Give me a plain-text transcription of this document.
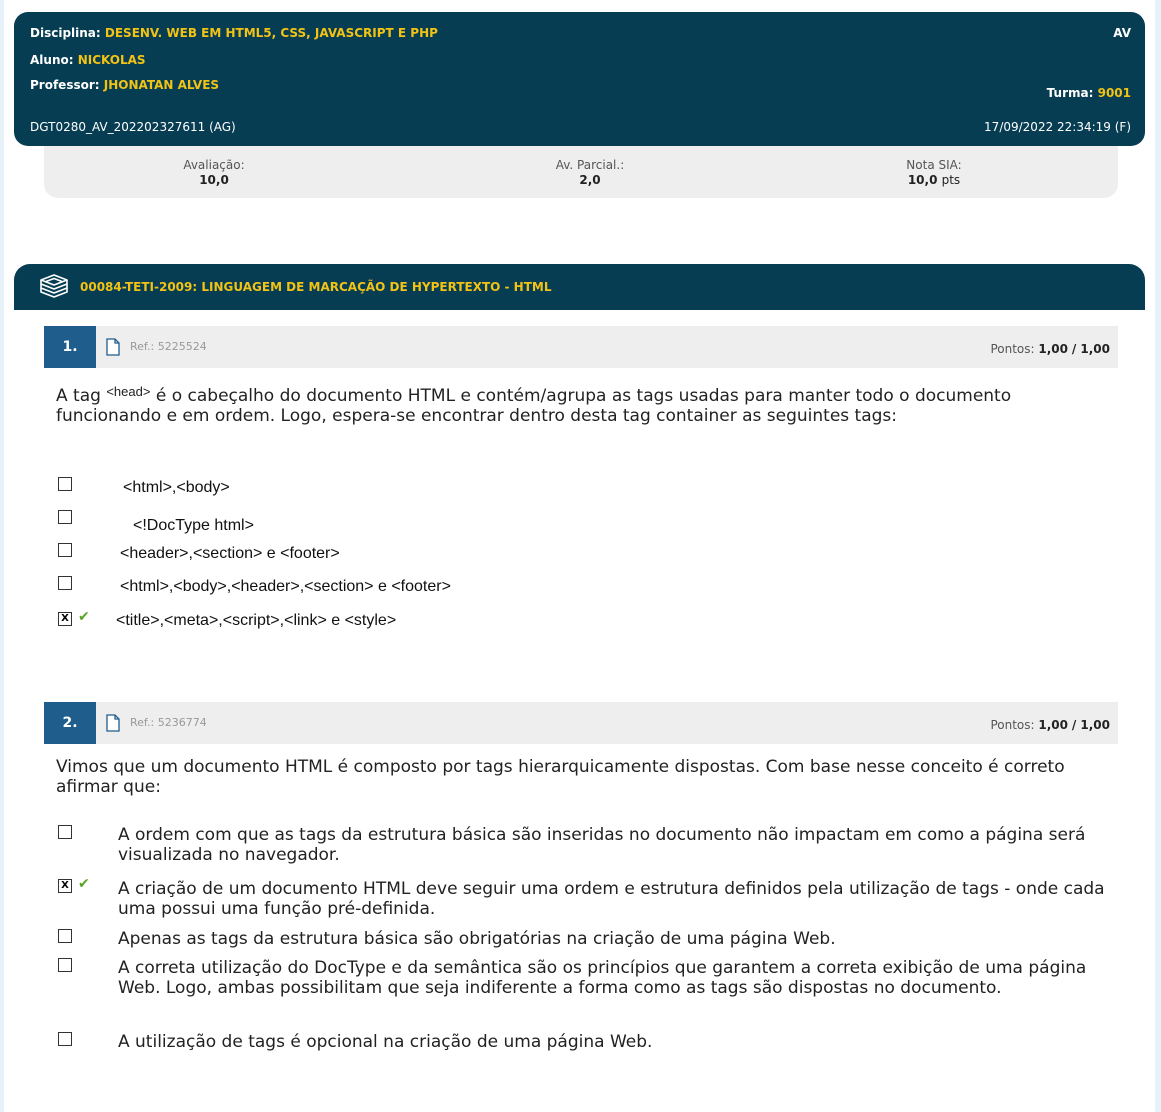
Disciplina: DESENV. WEB EM HTML5, CSS, JAVASCRIPT E PHP	AV
Aluno: NICKOLAS
Professor: JHONATAN ALVES
Turma: 9001
DGT0280_AV_202202327611 (AG)	17/09/2022 22:34:19 (F)
Avaliação:
10,0
Av. Parcial.:
2,0
Nota SIA:
10,0 pts
00084-TETI-2009: LINGUAGEM DE MARCAÇÃO DE HYPERTEXTO - HTML
1.	Ref.: 5225524	Pontos: 1,00 / 1,00
A tag $^{<head>}$ é o cabeçalho do documento HTML e contém/agrupa as tags usadas para manter todo o documento funcionando e em ordem. Logo, espera-se encontrar dentro desta tag container as seguintes tags:
<html>,<body>
<!DocType html>
<header>,<section> e <footer>
<html>,<body>,<header>,<section> e <footer>
X ✔ <title>,<meta>,<script>,<link> e <style>
2.	Ref.: 5236774	Pontos: 1,00 / 1,00
Vimos que um documento HTML é composto por tags hierarquicamente dispostas. Com base nesse conceito é correto afirmar que:
A ordem com que as tags da estrutura básica são inseridas no documento não impactam em como a página será visualizada no navegador.
X ✔ A criação de um documento HTML deve seguir uma ordem e estrutura definidos pela utilização de tags - onde cada uma possui uma função pré-definida.
Apenas as tags da estrutura básica são obrigatórias na criação de uma página Web.
A correta utilização do DocType e da semântica são os princípios que garantem a correta exibição de uma página Web. Logo, ambas possibilitam que seja indiferente a forma como as tags são dispostas no documento.
A utilização de tags é opcional na criação de uma página Web.
